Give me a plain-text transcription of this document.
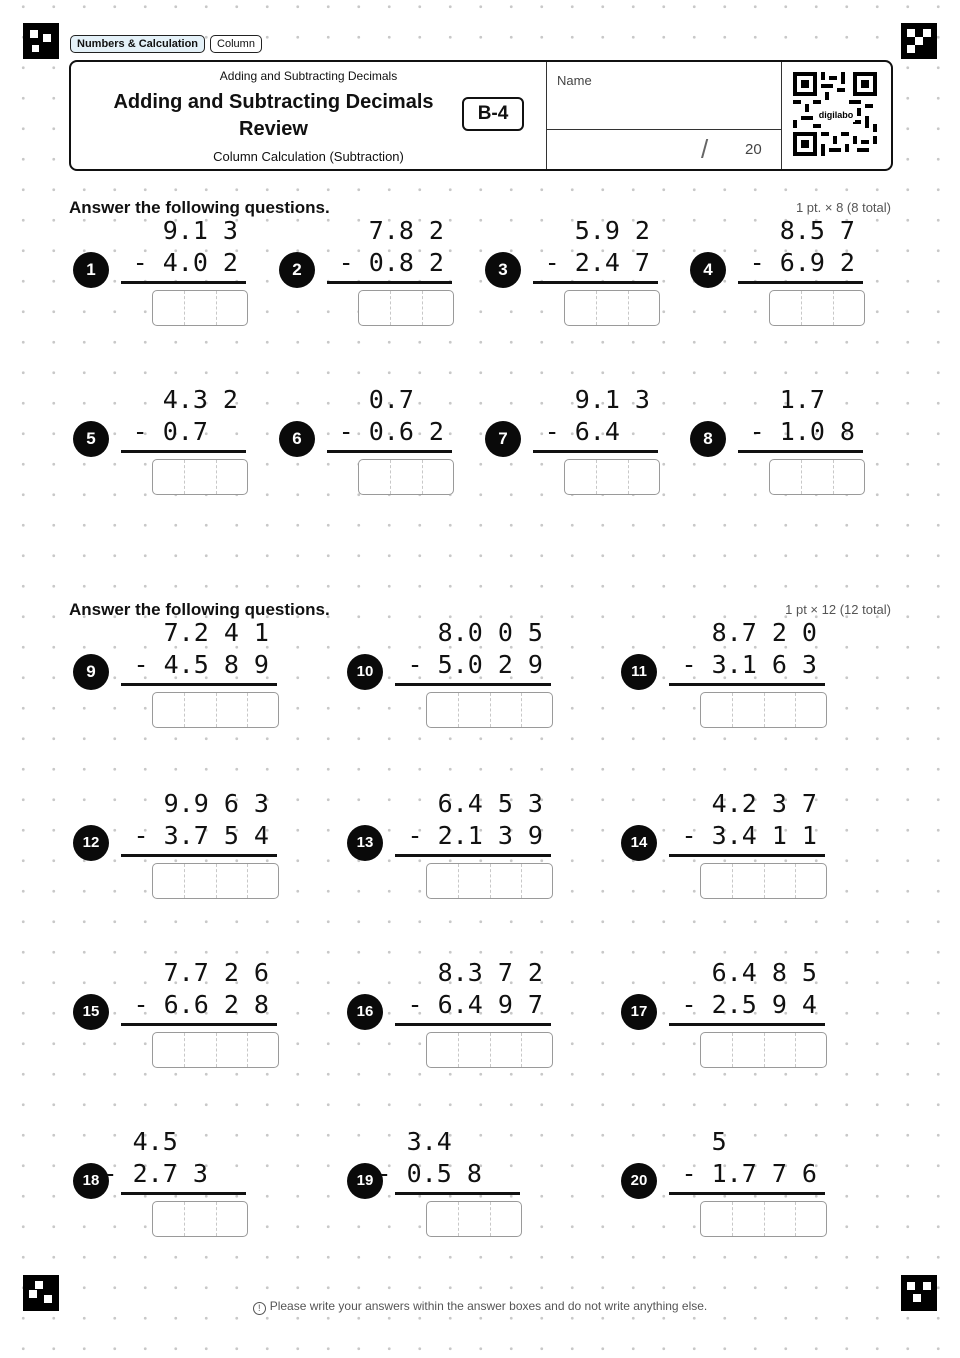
Numbers & Calculation	Column
Adding and Subtracting Decimals
Adding and Subtracting Decimals Review
B-4
Column Calculation (Subtraction)
Name
/ 20
digilabo
Answer the following questions.	1 pt. × 8 (8 total)
Answer the following questions.	1 pt × 12 (12 total)
1
9.1 3
- 4.0 2	2
7.8 2
- 0.8 2	3
5.9 2
- 2.4 7	4
8.5 7
- 6.9 2
5
4.3 2
- 0.7	6
0.7
- 0.6 2	7
9.1 3
- 6.4	8
1.7
- 1.0 8
9
7.2 4 1
- 4.5 8 9	10
8.0 0 5
- 5.0 2 9	11
8.7 2 0
- 3.1 6 3
12
9.9 6 3
- 3.7 5 4	13
6.4 5 3
- 2.1 3 9	14
4.2 3 7
- 3.4 1 1
15
7.7 2 6
- 6.6 2 8	16
8.3 7 2
- 6.4 9 7	17
6.4 8 5
- 2.5 9 4
18
4.5
- 2.7 3	19
3.4
- 0.5 8	20
5
- 1.7 7 6
! Please write your answers within the answer boxes and do not write anything else.
